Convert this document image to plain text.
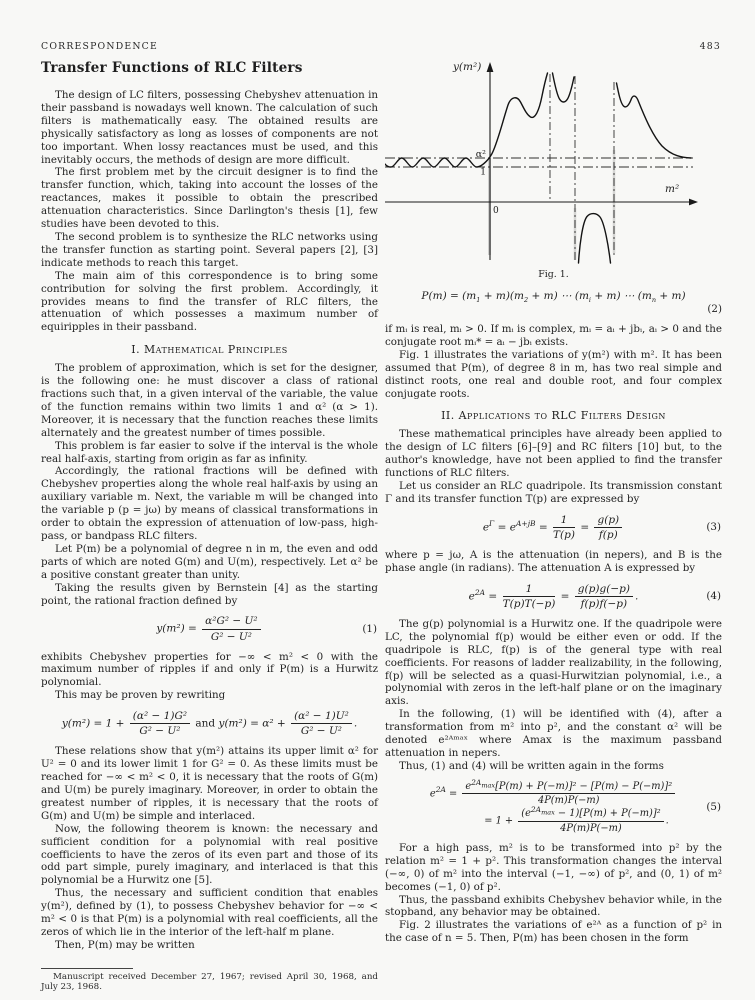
CORRESPONDENCE	483
Transfer Functions of RLC Filters

The design of LC filters, possessing Chebyshev attenuation in their passband is nowadays well known. The calculation of such filters is mathematically easy. The obtained results are physically satisfactory as long as losses of components are not too important. When lossy reactances must be used, and this inevitably occurs, the methods of design are more difficult.

The first problem met by the circuit designer is to find the transfer function, which, taking into account the losses of the reactances, makes it possible to obtain the prescribed attenuation characteristics. Since Darlington's thesis [1], few studies have been devoted to this.

The second problem is to synthesize the RLC networks using the transfer function as starting point. Several papers [2], [3] indicate methods to reach this target.

The main aim of this correspondence is to bring some contribution for solving the first problem. Accordingly, it provides means to find the transfer of RLC filters, the attenuation of which possesses a maximum number of equiripples in their passband.

I. Mathematical Principles

The problem of approximation, which is set for the designer, is the following one: he must discover a class of rational fractions such that, in a given interval of the variable, the value of the function remains within two limits 1 and α² (α > 1). Moreover, it is necessary that the function reaches these limits alternately and the greatest number of times possible.

This problem is far easier to solve if the interval is the whole real half-axis, starting from origin as far as infinity.

Accordingly, the rational fractions will be defined with Chebyshev properties along the whole real half-axis by using an auxiliary variable m. Next, the variable m will be changed into the variable p (p = jω) by means of classical transformations in order to obtain the expression of attenuation of low-pass, high-pass, or bandpass RLC filters.

Let P(m) be a polynomial of degree n in m, the even and odd parts of which are noted G(m) and U(m), respectively. Let α² be a positive constant greater than unity.

Taking the results given by Bernstein [4] as the starting point, the rational fraction defined by

$y(m^2) = \frac{\text{α²G² − U²}}{\text{G² − U²}}$	(1)

exhibits Chebyshev properties for −∞ < m² < 0 with the maximum number of ripples if and only if P(m) is a Hurwitz polynomial.

This may be proven by rewriting

$y(m^2) = 1 + \frac{\text{(α² − 1)G²}}{\text{G² − U²}}$ and $y(m^2) = \alpha^2 + \frac{\text{(α² − 1)U²}}{\text{G² − U²}}$ .

These relations show that y(m²) attains its upper limit α² for U² = 0 and its lower limit 1 for G² = 0. As these limits must be reached for −∞ < m² < 0, it is necessary that the roots of G(m) and U(m) be purely imaginary. Moreover, in order to obtain the greatest number of ripples, it is necessary that the roots of G(m) and U(m) be simple and interlaced.

Now, the following theorem is known: the necessary and sufficient condition for a polynomial with real positive coefficients to have the zeros of its even part and those of its odd part simple, purely imaginary, and interlaced is that this polynomial be a Hurwitz one [5].

Thus, the necessary and sufficient condition that enables y(m²), defined by (1), to possess Chebyshev behavior for −∞ < m² < 0 is that P(m) is a polynomial with real coefficients, all the zeros of which lie in the interior of the left-half m plane.

Then, P(m) may be written

Manuscript received December 27, 1967; revised April 30, 1968, and July 23, 1968.

y(m²)
m²
α²
1
0
Fig. 1.
$P(m) = (m_1 + m)(m_2 + m)$ ⋯ $(m_i + m)$ ⋯ $(m_n + m)$
(2)

if mᵢ is real, mᵢ > 0. If mᵢ is complex, mᵢ = aᵢ + jbᵢ, aᵢ > 0 and the conjugate root mᵢ* = aᵢ − jbᵢ exists.

Fig. 1 illustrates the variations of y(m²) with m². It has been assumed that P(m), of degree 8 in m, has two real simple and distinct roots, one real and double root, and four complex conjugate roots.

II. Applications to RLC Filters Design

These mathematical principles have already been applied to the design of LC filters [6]–[9] and RC filters [10] but, to the author's knowledge, have not been applied to find the transfer functions of RLC filters.

Let us consider an RLC quadripole. Its transmission constant Γ and its transfer function T(p) are expressed by

$e^\Gamma = e^{A+jB} = \frac{1}{T(p)} = \frac{g(p)}{f(p)}$	(3)

where p = jω, A is the attenuation (in nepers), and B is the phase angle (in radians). The attenuation A is expressed by

$e^{2A} = \frac{1}{T(p)T(-p)} = \frac{g(p)g(-p)}{f(p)f(-p)}$ .	(4)

The g(p) polynomial is a Hurwitz one. If the quadripole were LC, the polynomial f(p) would be either even or odd. If the quadripole is RLC, f(p) is of the general type with real coefficients. For reasons of ladder realizability, in the following, f(p) will be selected as a quasi-Hurwitzian polynomial, i.e., a polynomial with zeros in the left-half plane or on the imaginary axis.

In the following, (1) will be identified with (4), after a transformation from m² into p², and the constant α² will be denoted e²ᴬᵐᵃˣ where Amax is the maximum passband attenuation in nepers.

Thus, (1) and (4) will be written again in the forms

$e^{2A} = \frac{e^{2A_{max}}[P(m) + P(-m)]^2 - [P(m) - P(-m)]^2}{4P(m)P(-m)}$
= $1 + \frac{(e^{2A_{max}} - 1)[P(m) + P(-m)]^2}{4P(m)P(-m)}$ .
(5)

For a high pass, m² is to be transformed into p² by the relation m² = 1 + p². This transformation changes the interval (−∞, 0) of m² into the interval (−1, −∞) of p², and (0, 1) of m² becomes (−1, 0) of p².

Thus, the passband exhibits Chebyshev behavior while, in the stopband, any behavior may be obtained.

Fig. 2 illustrates the variations of e²ᴬ as a function of p² in the case of n = 5. Then, P(m) has been chosen in the form
